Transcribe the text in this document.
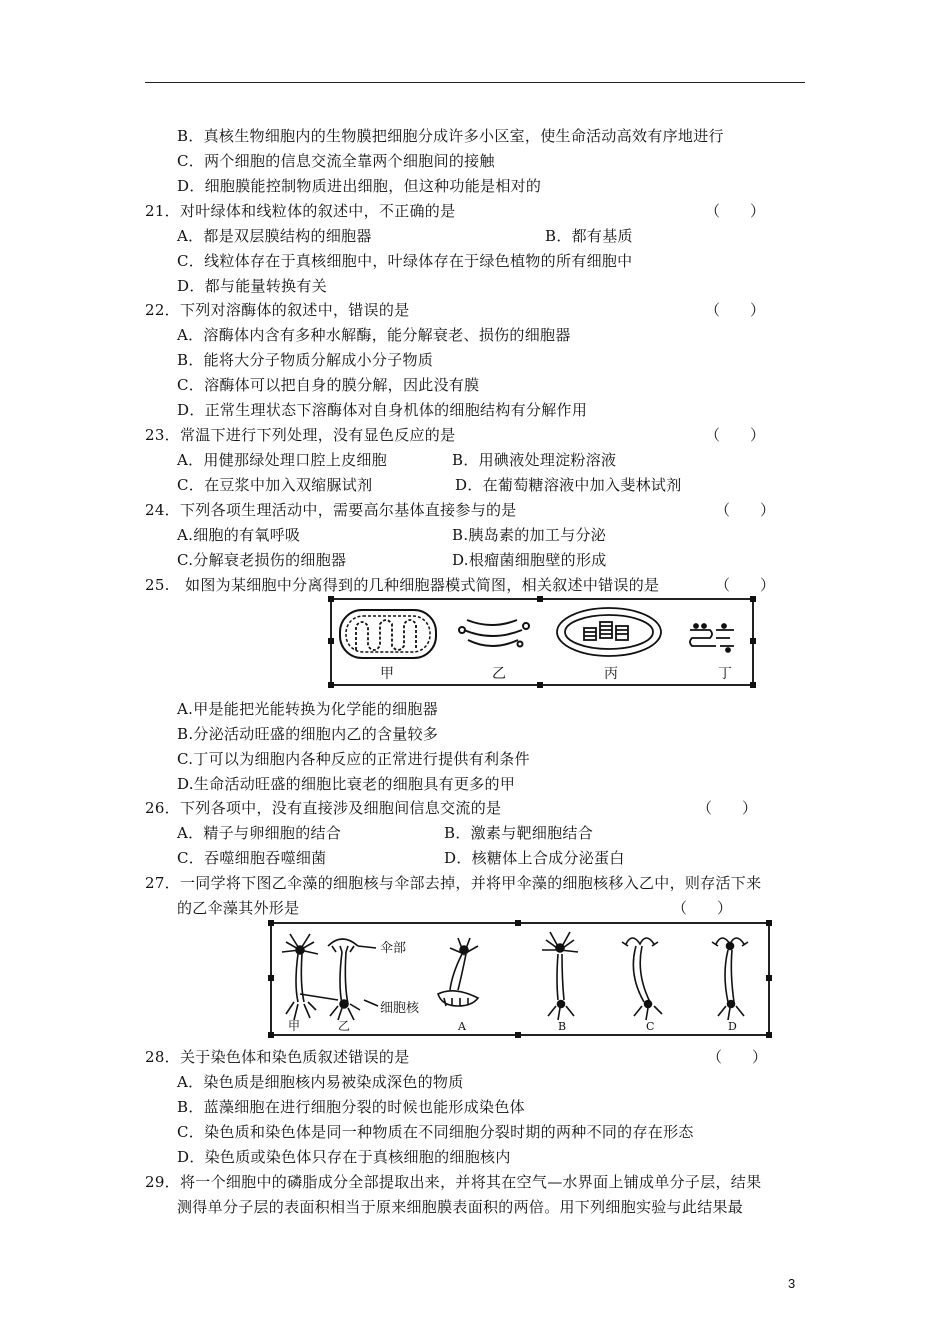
B．真核生物细胞内的生物膜把细胞分成许多小区室，使生命活动高效有序地进行
C．两个细胞的信息交流全靠两个细胞间的接触
D．细胞膜能控制物质进出细胞，但这种功能是相对的
21．对叶绿体和线粒体的叙述中，不正确的是	（　　）
A．都是双层膜结构的细胞器	B．都有基质
C．线粒体存在于真核细胞中，叶绿体存在于绿色植物的所有细胞中
D．都与能量转换有关
22．下列对溶酶体的叙述中，错误的是	（　　）
A．溶酶体内含有多种水解酶，能分解衰老、损伤的细胞器
B．能将大分子物质分解成小分子物质
C．溶酶体可以把自身的膜分解，因此没有膜
D．正常生理状态下溶酶体对自身机体的细胞结构有分解作用
23．常温下进行下列处理，没有显色反应的是	（　　）
A．用健那绿处理口腔上皮细胞	B．用碘液处理淀粉溶液
C．在豆浆中加入双缩脲试剂	D．在葡萄糖溶液中加入斐林试剂
24．下列各项生理活动中，需要高尔基体直接参与的是	（　　）
A.细胞的有氧呼吸	B.胰岛素的加工与分泌
C.分解衰老损伤的细胞器	D.根瘤菌细胞壁的形成
25.　如图为某细胞中分离得到的几种细胞器模式简图，相关叙述中错误的是	（　　）
甲	乙	丙	丁
A.甲是能把光能转换为化学能的细胞器
B.分泌活动旺盛的细胞内乙的含量较多
C.丁可以为细胞内各种反应的正常进行提供有利条件
D.生命活动旺盛的细胞比衰老的细胞具有更多的甲
26．下列各项中，没有直接涉及细胞间信息交流的是	（　　）
A．精子与卵细胞的结合	B．激素与靶细胞结合
C．吞噬细胞吞噬细菌	D．核糖体上合成分泌蛋白
27．一同学将下图乙伞藻的细胞核与伞部去掉，并将甲伞藻的细胞核移入乙中，则存活下来
的乙伞藻其外形是	（　　）
伞部
细胞核
甲	乙	A	B	C	D
28．关于染色体和染色质叙述错误的是	（　　）
A．染色质是细胞核内易被染成深色的物质
B．蓝藻细胞在进行细胞分裂的时候也能形成染色体
C．染色质和染色体是同一种物质在不同细胞分裂时期的两种不同的存在形态
D．染色质或染色体只存在于真核细胞的细胞核内
29．将一个细胞中的磷脂成分全部提取出来，并将其在空气—水界面上铺成单分子层，结果
测得单分子层的表面积相当于原来细胞膜表面积的两倍。用下列细胞实验与此结果最
3
